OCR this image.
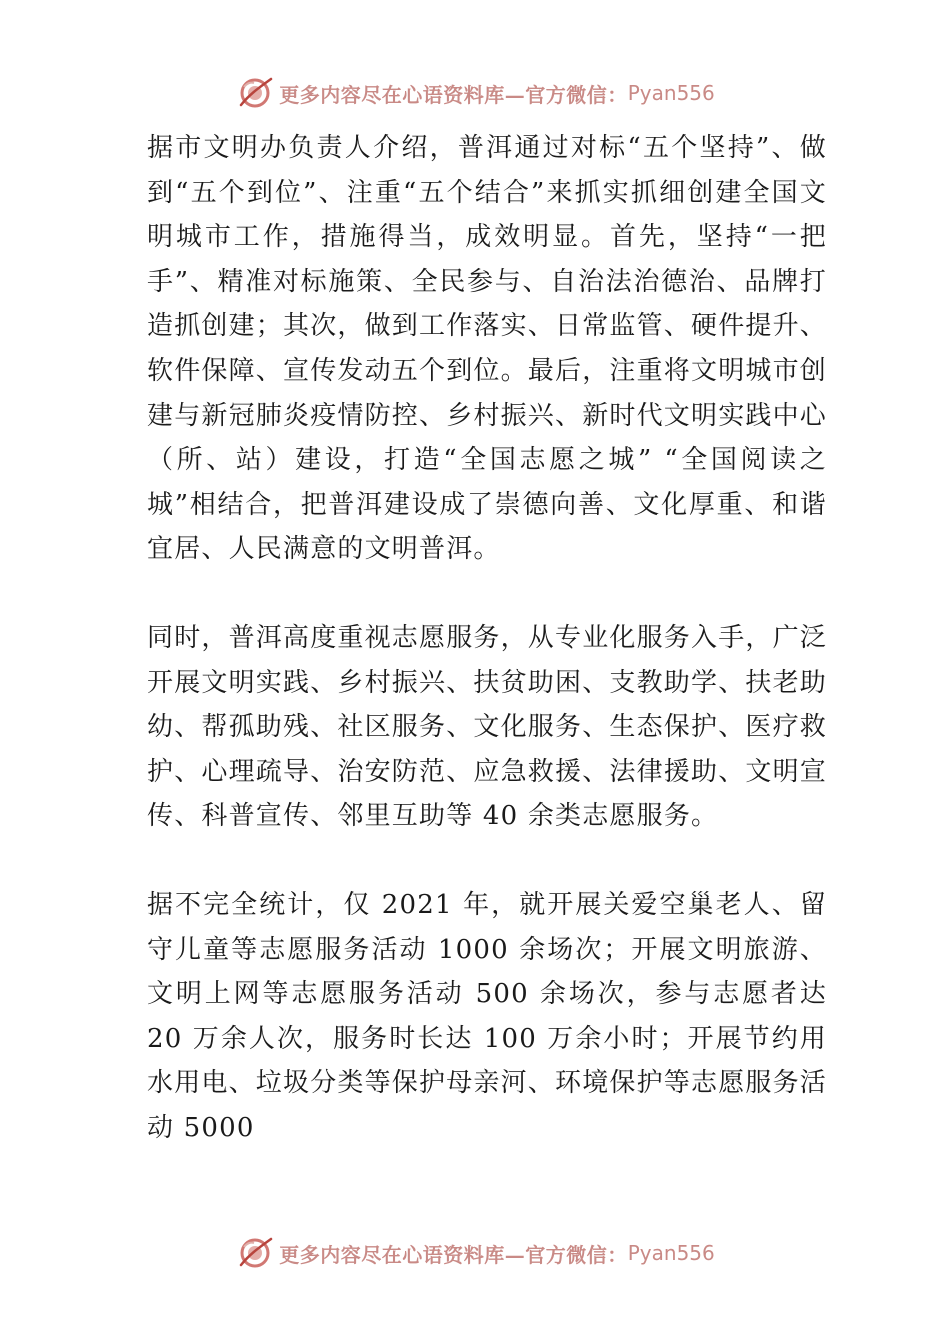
更多内容尽在心语资料库—官方微信： Pyan556

据市文明办负责人介绍，普洱通过对标“五个坚持”、做到“五个到位”、注重“五个结合”来抓实抓细创建全国文明城市工作，措施得当，成效明显。首先，坚持“一把手”、精准对标施策、全民参与、自治法治德治、品牌打造抓创建；其次，做到工作落实、日常监管、硬件提升、软件保障、宣传发动五个到位。最后，注重将文明城市创建与新冠肺炎疫情防控、乡村振兴、新时代文明实践中心（所、站）建设，打造“全国志愿之城” “全国阅读之城”相结合，把普洱建设成了崇德向善、文化厚重、和谐宜居、人民满意的文明普洱。

同时，普洱高度重视志愿服务，从专业化服务入手，广泛开展文明实践、乡村振兴、扶贫助困、支教助学、扶老助幼、帮孤助残、社区服务、文化服务、生态保护、医疗救护、心理疏导、治安防范、应急救援、法律援助、文明宣传、科普宣传、邻里互助等 40 余类志愿服务。

据不完全统计，仅 2021 年，就开展关爱空巢老人、留守儿童等志愿服务活动 1000 余场次；开展文明旅游、文明上网等志愿服务活动 500 余场次，参与志愿者达 20 万余人次，服务时长达 100 万余小时；开展节约用水用电、垃圾分类等保护母亲河、环境保护等志愿服务活动 5000

更多内容尽在心语资料库—官方微信： Pyan556
